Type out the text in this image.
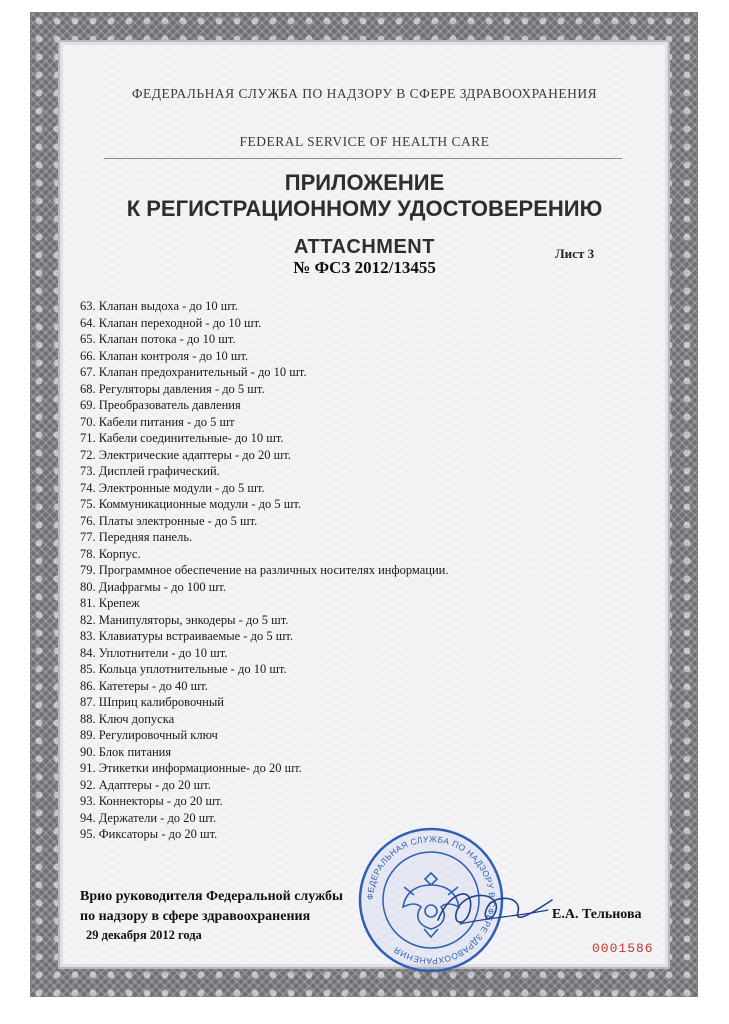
ФЕДЕРАЛЬНАЯ СЛУЖБА ПО НАДЗОРУ В СФЕРЕ ЗДРАВООХРАНЕНИЯ
FEDERAL SERVICE OF HEALTH CARE
ПРИЛОЖЕНИЕ
К РЕГИСТРАЦИОННОМУ УДОСТОВЕРЕНИЮ
ATTACHMENT
№ ФСЗ 2012/13455
Лист 3
63. Клапан выдоха - до 10 шт.
64. Клапан переходной - до 10 шт.
65. Клапан потока - до 10 шт.
66. Клапан контроля - до 10 шт.
67. Клапан предохранительный - до 10 шт.
68. Регуляторы давления - до 5 шт.
69. Преобразователь давления
70. Кабели питания - до 5 шт
71. Кабели соединительные- до 10 шт.
72. Электрические адаптеры - до 20 шт.
73. Дисплей графический.
74. Электронные модули - до 5 шт.
75. Коммуникационные модули - до 5 шт.
76. Платы электронные - до 5 шт.
77. Передняя панель.
78. Корпус.
79. Программное обеспечение на различных носителях информации.
80. Диафрагмы - до 100 шт.
81. Крепеж
82. Манипуляторы, энкодеры - до 5 шт.
83. Клавиатуры встраиваемые - до 5 шт.
84. Уплотнители - до 10 шт.
85. Кольца уплотнительные - до 10 шт.
86. Катетеры - до 40 шт.
87. Шприц калибровочный
88. Ключ допуска
89. Регулировочный ключ
90. Блок питания
91. Этикетки информационные- до 20 шт.
92. Адаптеры - до 20 шт.
93. Коннекторы - до 20 шт.
94. Держатели - до 20 шт.
95. Фиксаторы - до 20 шт.
Врио руководителя Федеральной службы
по надзору в сфере здравоохранения
29 декабря 2012 года
Е.А. Тельнова
0001586
ФЕДЕРАЛЬНАЯ СЛУЖБА ПО НАДЗОРУ В СФЕРЕ ЗДРАВООХРАНЕНИЯ
